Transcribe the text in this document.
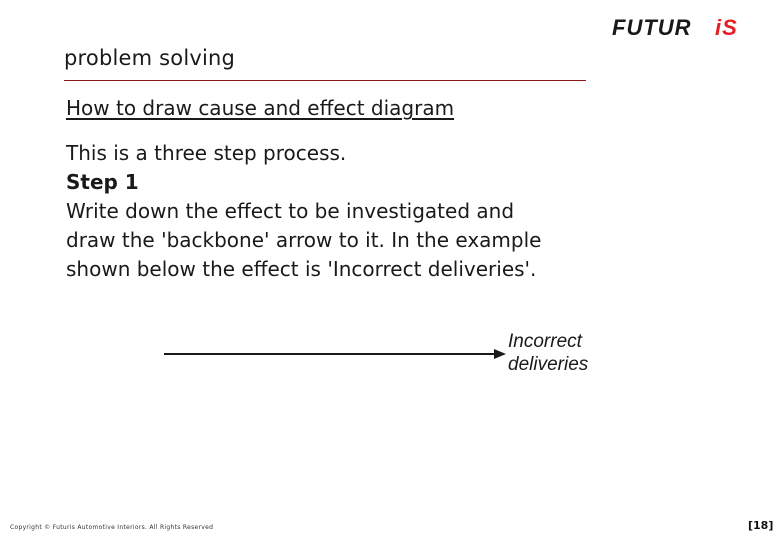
FUTUR iS
problem solving
How to draw cause and effect diagram
This is a three step process.
Step 1
Write down the effect to be investigated and
draw the 'backbone' arrow to it. In the example
shown below the effect is 'Incorrect deliveries'.
Incorrect
deliveries
Copyright © Futuris Automotive Interiors. All Rights Reserved	[18]
